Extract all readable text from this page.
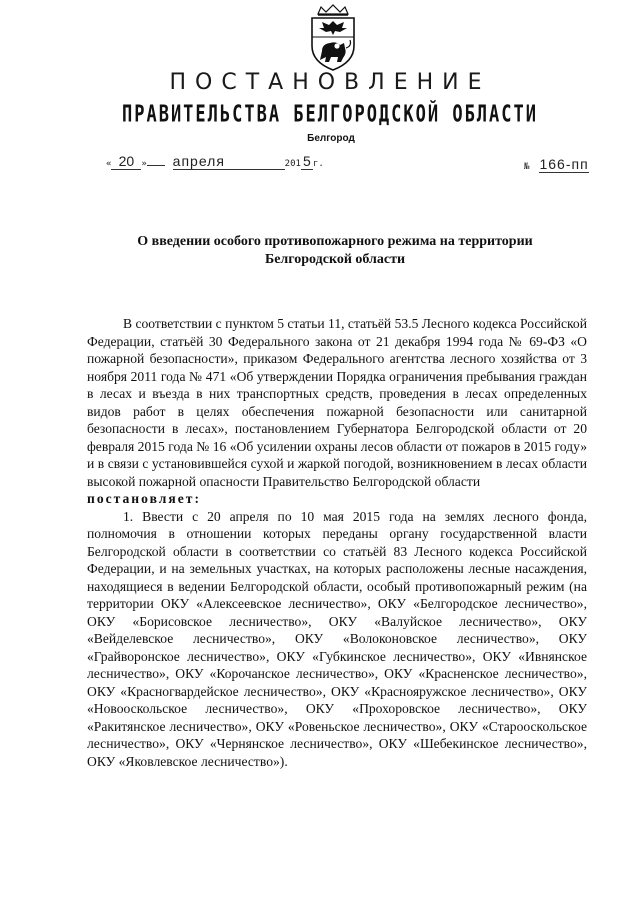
ПОСТАНОВЛЕНИЕ
ПРАВИТЕЛЬСТВА БЕЛГОРОДСКОЙ ОБЛАСТИ
Белгород
« 20 » апреля	201 5 г.	№ 166-пп
О введении особого противопожарного режима на территории
Белгородской области

В соответствии с пунктом 5 статьи 11, статьёй 53.5 Лесного кодекса Российской Федерации, статьёй 30 Федерального закона от 21 декабря 1994 года № 69-ФЗ «О пожарной безопасности», приказом Федерального агентства лесного хозяйства от 3 ноября 2011 года № 471 «Об утверждении Порядка ограничения пребывания граждан в лесах и въезда в них транспортных средств, проведения в лесах определенных видов работ в целях обеспечения пожарной безопасности или санитарной безопасности в лесах», постановлением Губернатора Белгородской области от 20 февраля 2015 года № 16 «Об усилении охраны лесов области от пожаров в 2015 году» и в связи с установившейся сухой и жаркой погодой, возникновением в лесах области высокой пожарной опасности Правительство Белгородской области

постановляет:

1. Ввести с 20 апреля по 10 мая 2015 года на землях лесного фонда, полномочия в отношении которых переданы органу государственной власти Белгородской области в соответствии со статьёй 83 Лесного кодекса Российской Федерации, и на земельных участках, на которых расположены лесные насаждения, находящиеся в ведении Белгородской области, особый противопожарный режим (на территории ОКУ «Алексеевское лесничество», ОКУ «Белгородское лесничество», ОКУ «Борисовское лесничество», ОКУ «Валуйское лесничество», ОКУ «Вейделевское лесничество», ОКУ «Волоконовское лесничество», ОКУ «Грайворонское лесничество», ОКУ «Губкинское лесничество», ОКУ «Ивнянское лесничество», ОКУ «Корочанское лесничество», ОКУ «Красненское лесничество», ОКУ «Красногвардейское лесничество», ОКУ «Краснояружское лесничество», ОКУ «Новооскольское лесничество», ОКУ «Прохоровское лесничество», ОКУ «Ракитянское лесничество», ОКУ «Ровеньское лесничество», ОКУ «Старооскольское лесничество», ОКУ «Чернянское лесничество», ОКУ «Шебекинское лесничество», ОКУ «Яковлевское лесничество»).
